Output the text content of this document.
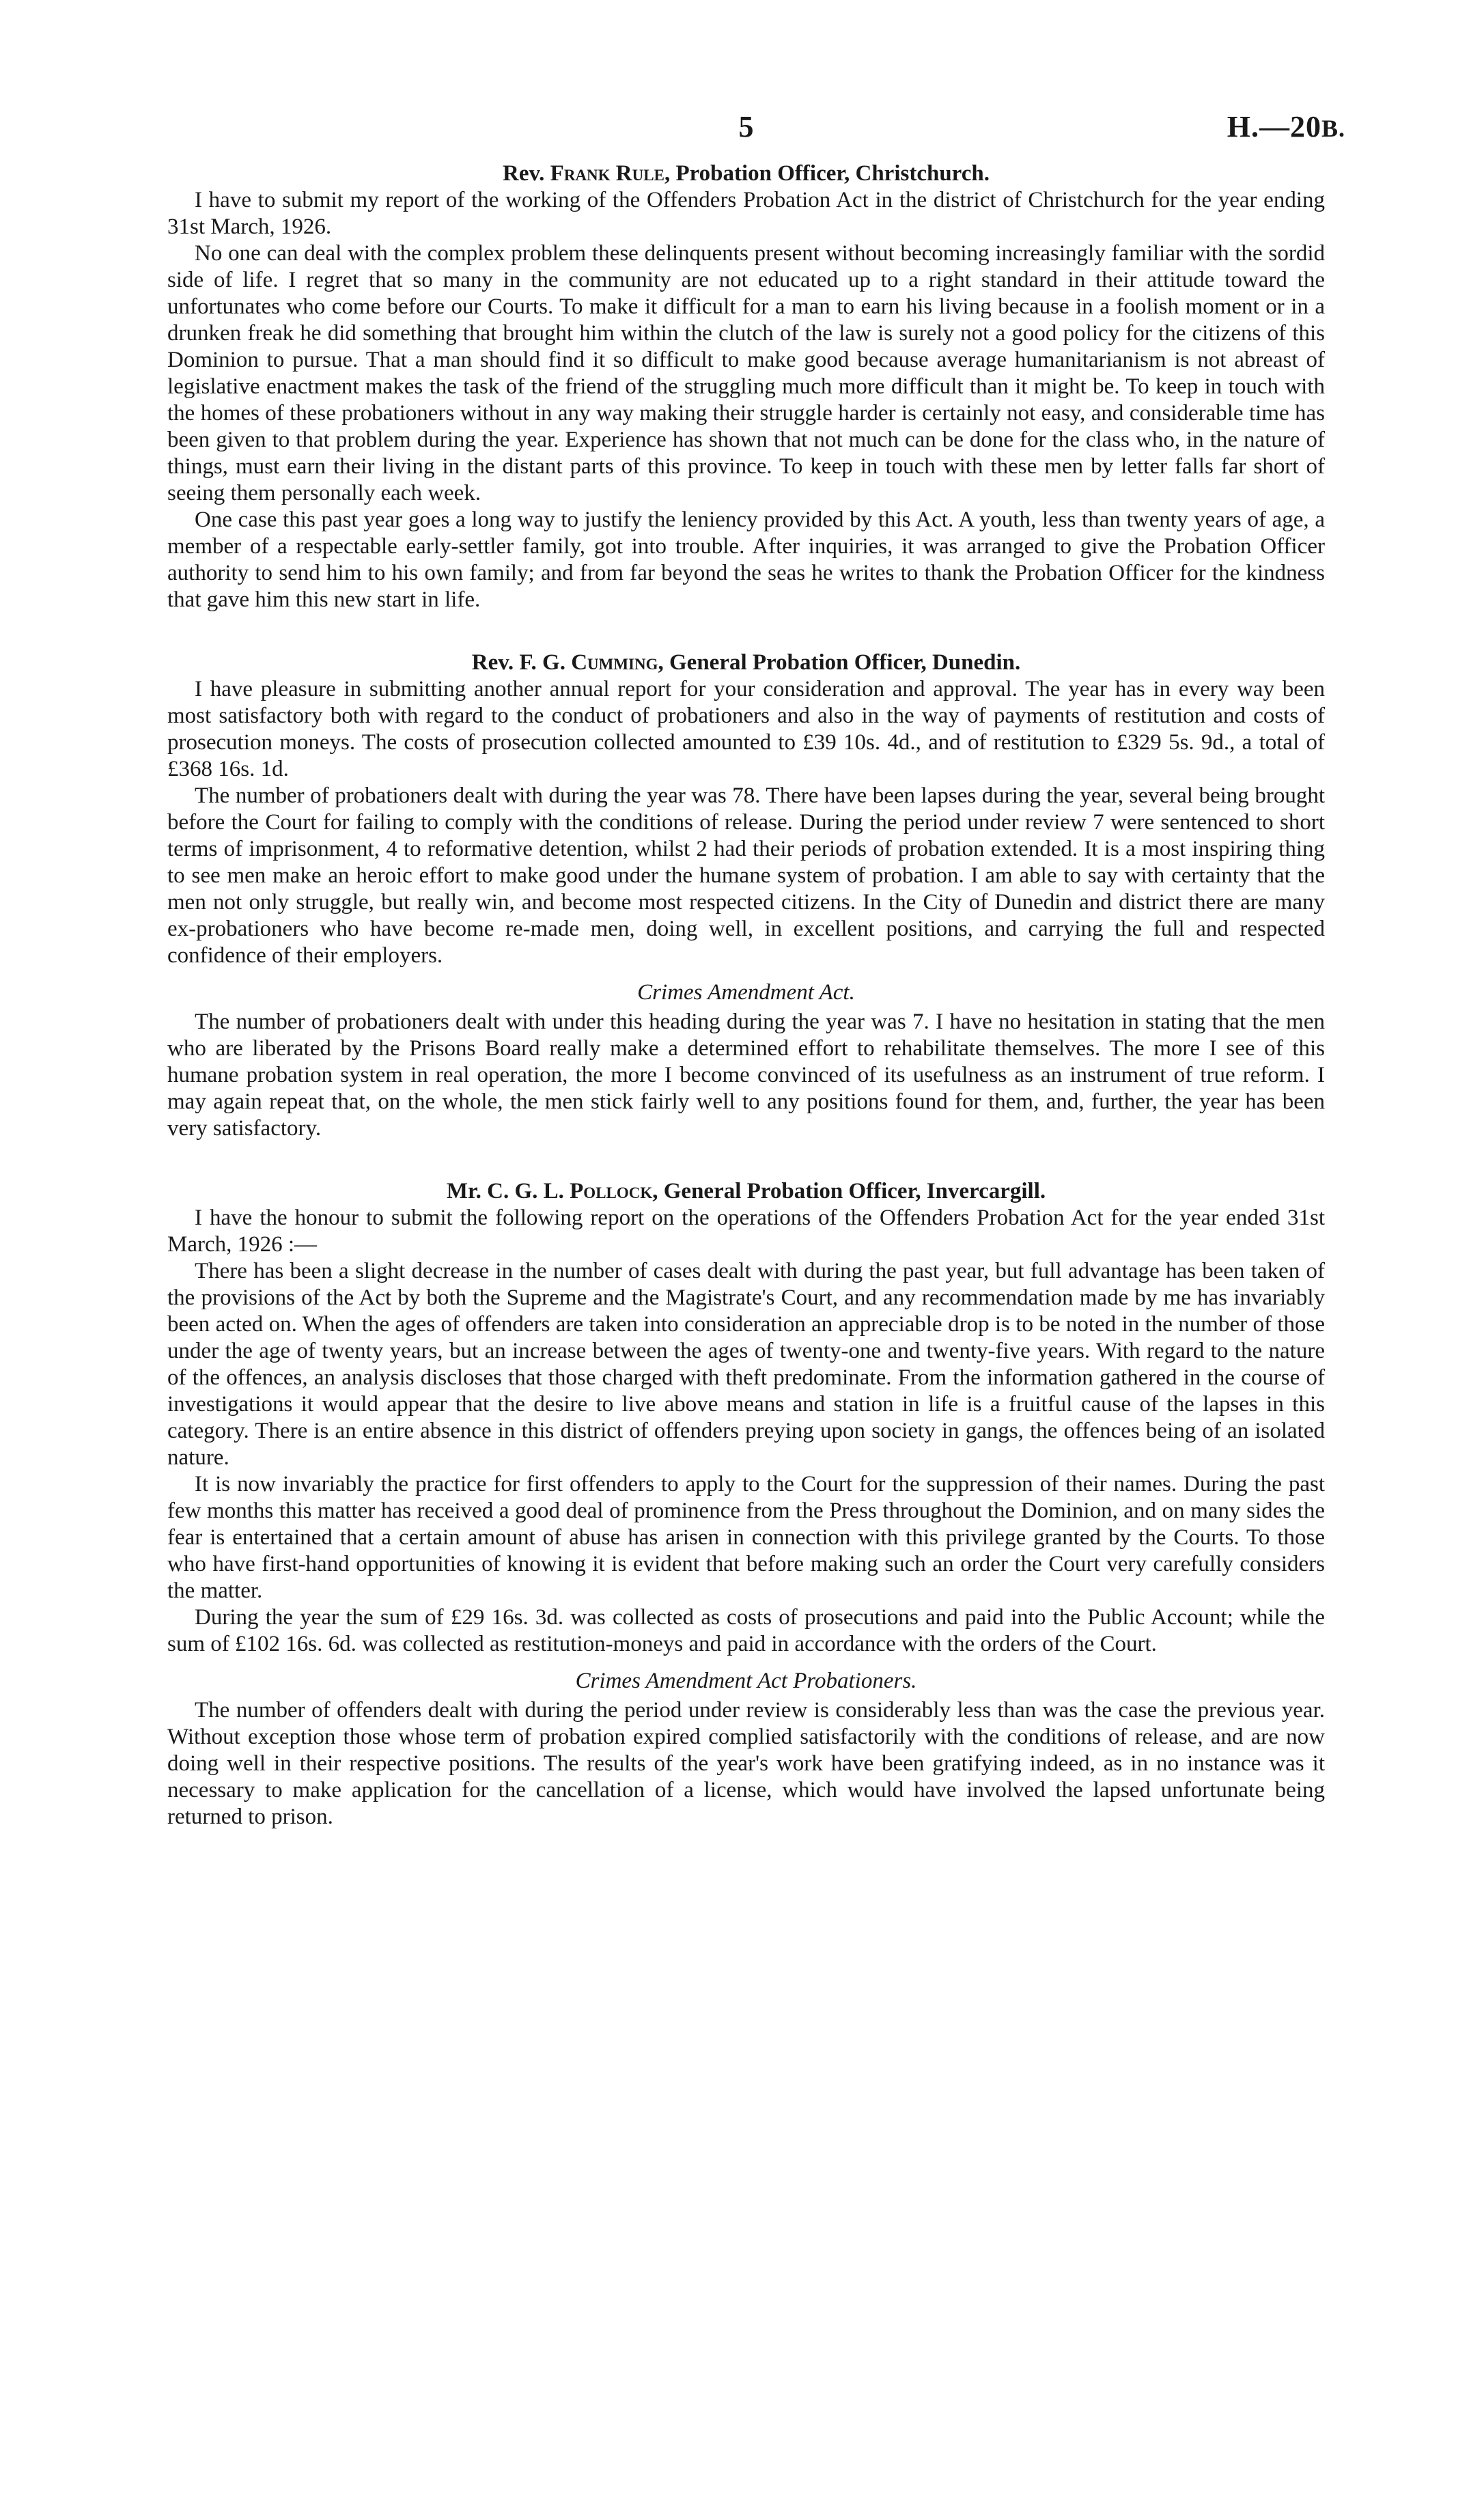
5	H.—20B.
Rev. Frank Rule, Probation Officer, Christchurch.

I have to submit my report of the working of the Offenders Probation Act in the district of Christchurch for the year ending 31st March, 1926.

No one can deal with the complex problem these delinquents present without becoming increasingly familiar with the sordid side of life. I regret that so many in the community are not educated up to a right standard in their attitude toward the unfortunates who come before our Courts. To make it difficult for a man to earn his living because in a foolish moment or in a drunken freak he did something that brought him within the clutch of the law is surely not a good policy for the citizens of this Dominion to pursue. That a man should find it so difficult to make good because average humanitarianism is not abreast of legislative enactment makes the task of the friend of the struggling much more difficult than it might be. To keep in touch with the homes of these probationers without in any way making their struggle harder is certainly not easy, and considerable time has been given to that problem during the year. Experience has shown that not much can be done for the class who, in the nature of things, must earn their living in the distant parts of this province. To keep in touch with these men by letter falls far short of seeing them personally each week.

One case this past year goes a long way to justify the leniency provided by this Act. A youth, less than twenty years of age, a member of a respectable early-settler family, got into trouble. After inquiries, it was arranged to give the Probation Officer authority to send him to his own family; and from far beyond the seas he writes to thank the Probation Officer for the kindness that gave him this new start in life.

Rev. F. G. Cumming, General Probation Officer, Dunedin.

I have pleasure in submitting another annual report for your consideration and approval. The year has in every way been most satisfactory both with regard to the conduct of probationers and also in the way of payments of restitution and costs of prosecution moneys. The costs of prosecution collected amounted to £39 10s. 4d., and of restitution to £329 5s. 9d., a total of £368 16s. 1d.

The number of probationers dealt with during the year was 78. There have been lapses during the year, several being brought before the Court for failing to comply with the conditions of release. During the period under review 7 were sentenced to short terms of imprisonment, 4 to reformative detention, whilst 2 had their periods of probation extended. It is a most inspiring thing to see men make an heroic effort to make good under the humane system of probation. I am able to say with certainty that the men not only struggle, but really win, and become most respected citizens. In the City of Dunedin and district there are many ex-probationers who have become re-made men, doing well, in excellent positions, and carrying the full and respected confidence of their employers.

Crimes Amendment Act.

The number of probationers dealt with under this heading during the year was 7. I have no hesitation in stating that the men who are liberated by the Prisons Board really make a determined effort to rehabilitate themselves. The more I see of this humane probation system in real operation, the more I become convinced of its usefulness as an instrument of true reform. I may again repeat that, on the whole, the men stick fairly well to any positions found for them, and, further, the year has been very satisfactory.

Mr. C. G. L. Pollock, General Probation Officer, Invercargill.

I have the honour to submit the following report on the operations of the Offenders Probation Act for the year ended 31st March, 1926 :—

There has been a slight decrease in the number of cases dealt with during the past year, but full advantage has been taken of the provisions of the Act by both the Supreme and the Magistrate's Court, and any recommendation made by me has invariably been acted on. When the ages of offenders are taken into consideration an appreciable drop is to be noted in the number of those under the age of twenty years, but an increase between the ages of twenty-one and twenty-five years. With regard to the nature of the offences, an analysis discloses that those charged with theft predominate. From the information gathered in the course of investigations it would appear that the desire to live above means and station in life is a fruitful cause of the lapses in this category. There is an entire absence in this district of offenders preying upon society in gangs, the offences being of an isolated nature.

It is now invariably the practice for first offenders to apply to the Court for the suppression of their names. During the past few months this matter has received a good deal of prominence from the Press throughout the Dominion, and on many sides the fear is entertained that a certain amount of abuse has arisen in connection with this privilege granted by the Courts. To those who have first-hand opportunities of knowing it is evident that before making such an order the Court very carefully considers the matter.

During the year the sum of £29 16s. 3d. was collected as costs of prosecutions and paid into the Public Account; while the sum of £102 16s. 6d. was collected as restitution-moneys and paid in accordance with the orders of the Court.

Crimes Amendment Act Probationers.

The number of offenders dealt with during the period under review is considerably less than was the case the previous year. Without exception those whose term of probation expired complied satisfactorily with the conditions of release, and are now doing well in their respective positions. The results of the year's work have been gratifying indeed, as in no instance was it necessary to make application for the cancellation of a license, which would have involved the lapsed unfortunate being returned to prison.
